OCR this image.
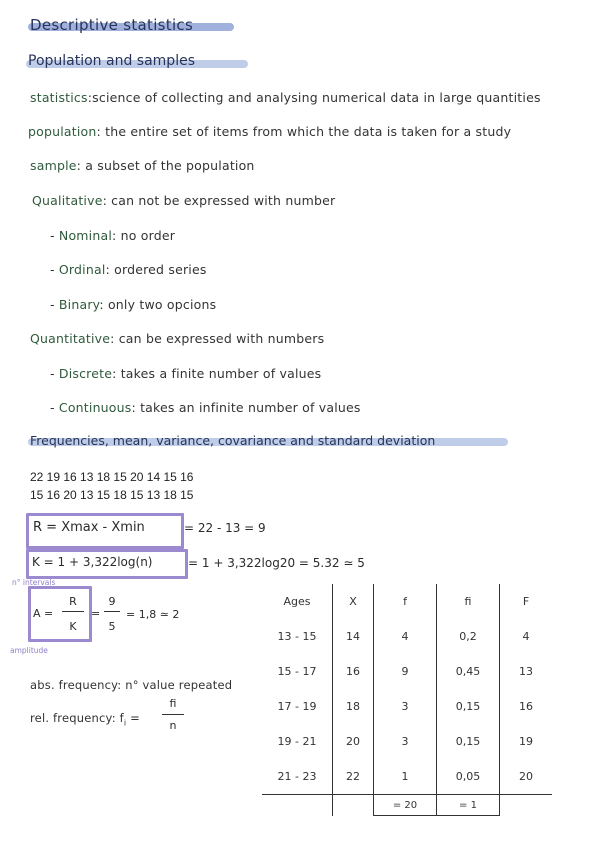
Descriptive statistics
Population and samples
statistics:science of collecting and analysing numerical data in large quantities
population: the entire set of items from which the data is taken for a study
sample: a subset of the population
Qualitative: can not be expressed with number
- Nominal: no order
- Ordinal: ordered series
- Binary: only two opcions
Quantitative: can be expressed with numbers
- Discrete: takes a finite number of values
- Continuous: takes an infinite number of values
Frequencies, mean, variance, covariance and standard deviation
22 19 16 13 18 15 20 14 15 16
15 16 20 13 15 18 15 13 18 15
R = Xmax - Xmin	= 22 - 13 = 9
K = 1 + 3,322log(n)	= 1 + 3,322log20 = 5.32 ≃ 5
n° intervals
A =
R
K
=
9
5
= 1,8 ≃ 2
amplitude
abs. frequency: n° value repeated
rel. frequency: $f_i$ =
fi
n
Ages	X	f	fi	F
13 - 15	14	4	0,2	4
15 - 17	16	9	0,45	13
17 - 19	18	3	0,15	16
19 - 21	20	3	0,15	19
21 - 23	22	1	0,05	20
		= 20	= 1	
